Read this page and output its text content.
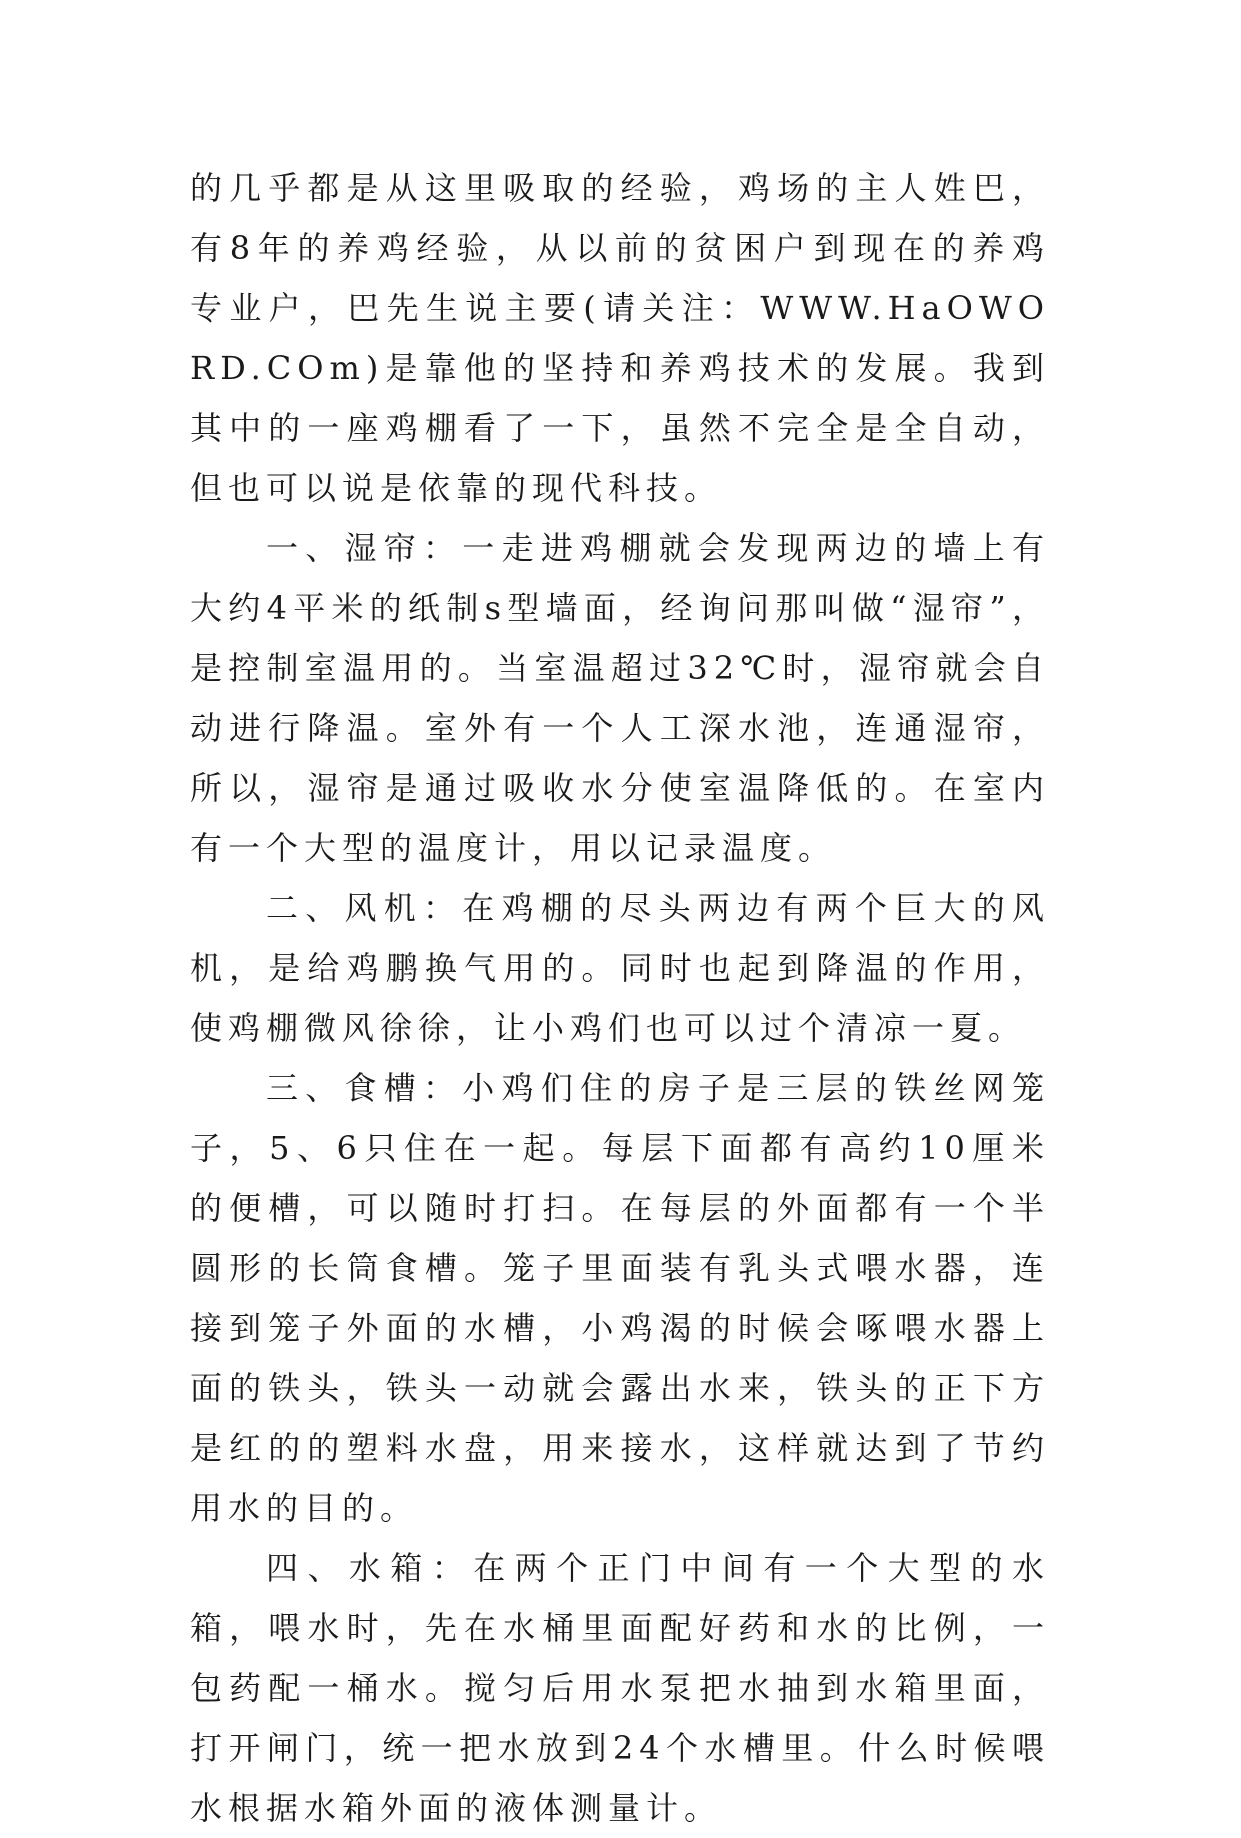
的几乎都是从这里吸取的经验，鸡场的主人姓巴，有8年的养鸡经验，从以前的贫困户到现在的养鸡专业户，巴先生说主要(请关注：WWW.HaOWORD.COm)是靠他的坚持和养鸡技术的发展。我到其中的一座鸡棚看了一下，虽然不完全是全自动，但也可以说是依靠的现代科技。

一、湿帘：一走进鸡棚就会发现两边的墙上有大约4平米的纸制s型墙面，经询问那叫做“湿帘”，是控制室温用的。当室温超过32℃时，湿帘就会自动进行降温。室外有一个人工深水池，连通湿帘，所以，湿帘是通过吸收水分使室温降低的。在室内有一个大型的温度计，用以记录温度。

二、风机：在鸡棚的尽头两边有两个巨大的风机，是给鸡鹏换气用的。同时也起到降温的作用，使鸡棚微风徐徐，让小鸡们也可以过个清凉一夏。

三、食槽：小鸡们住的房子是三层的铁丝网笼子，5、6只住在一起。每层下面都有高约10厘米的便槽，可以随时打扫。在每层的外面都有一个半圆形的长筒食槽。笼子里面装有乳头式喂水器，连接到笼子外面的水槽，小鸡渴的时候会啄喂水器上面的铁头，铁头一动就会露出水来，铁头的正下方是红的的塑料水盘，用来接水，这样就达到了节约用水的目的。

四、水箱：在两个正门中间有一个大型的水箱，喂水时，先在水桶里面配好药和水的比例，一包药配一桶水。搅匀后用水泵把水抽到水箱里面，打开闸门，统一把水放到24个水槽里。什么时候喂水根据水箱外面的液体测量计。
